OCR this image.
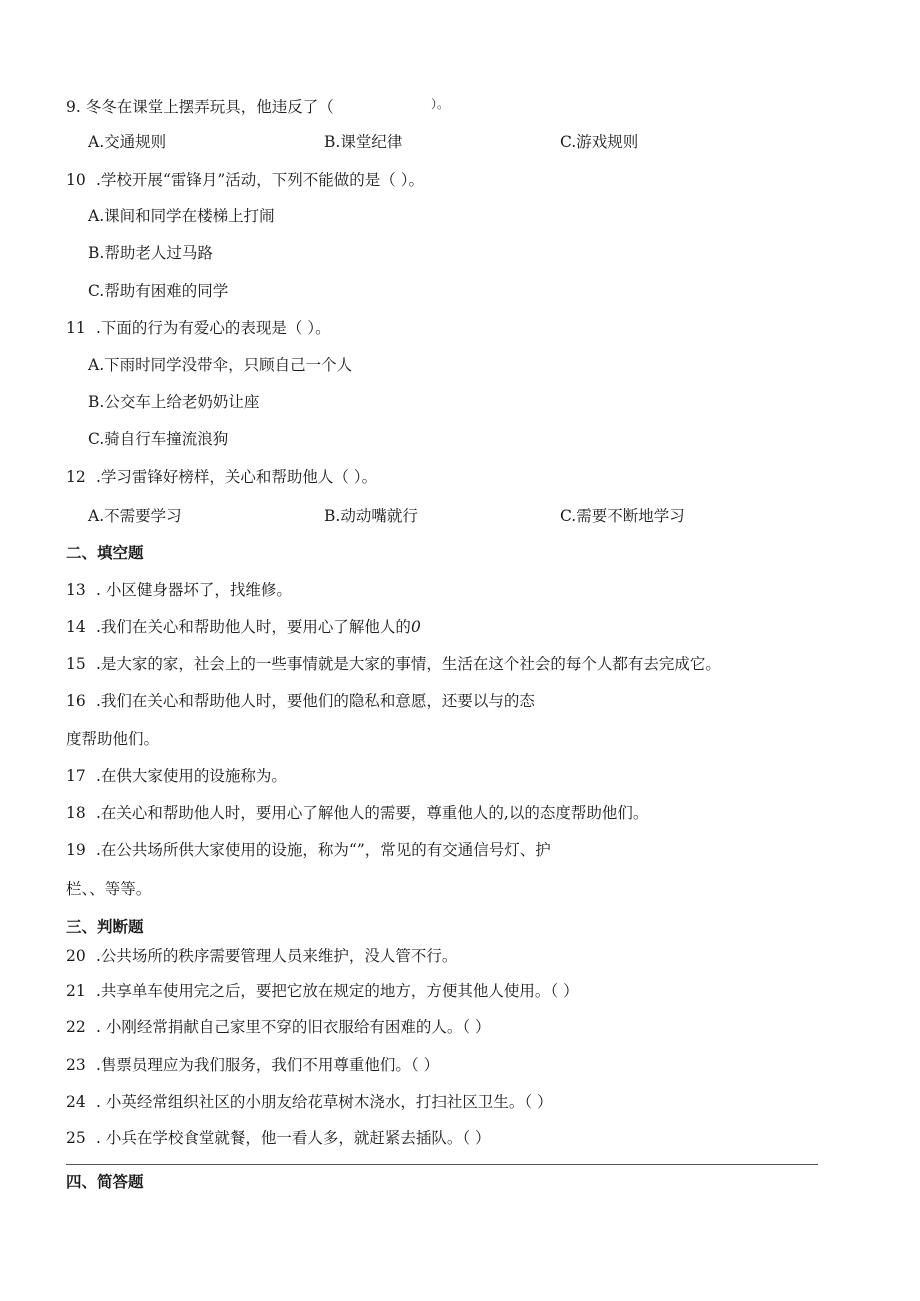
9. 冬冬在课堂上摆弄玩具，他违反了（	）。
A.交通规则	B.课堂纪律	C.游戏规则
10 .学校开展“雷锋月”活动，下列不能做的是（ ）。
A.课间和同学在楼梯上打闹
B.帮助老人过马路
C.帮助有困难的同学
11 .下面的行为有爱心的表现是（ ）。
A.下雨时同学没带伞，只顾自己一个人
B.公交车上给老奶奶让座
C.骑自行车撞流浪狗
12 .学习雷锋好榜样，关心和帮助他人（ ）。
A.不需要学习	B.动动嘴就行	C.需要不断地学习
二、填空题
13 . 小区健身器坏了，找维修。
14 .我们在关心和帮助他人时，要用心了解他人的0
15 .是大家的家，社会上的一些事情就是大家的事情，生活在这个社会的每个人都有去完成它。
16 .我们在关心和帮助他人时，要他们的隐私和意愿，还要以与的态
度帮助他们。
17 .在供大家使用的设施称为。
18 .在关心和帮助他人时，要用心了解他人的需要，尊重他人的,以的态度帮助他们。
19 .在公共场所供大家使用的设施，称为“”，常见的有交通信号灯、护
栏、、等等。
三、判断题
20 .公共场所的秩序需要管理人员来维护，没人管不行。
21 .共享单车使用完之后，要把它放在规定的地方，方便其他人使用。（ ）
22 . 小刚经常捐献自己家里不穿的旧衣服给有困难的人。（ ）
23 .售票员理应为我们服务，我们不用尊重他们。（ ）
24 . 小英经常组织社区的小朋友给花草树木浇水，打扫社区卫生。（ ）
25 . 小兵在学校食堂就餐，他一看人多，就赶紧去插队。（ ）
四、简答题
